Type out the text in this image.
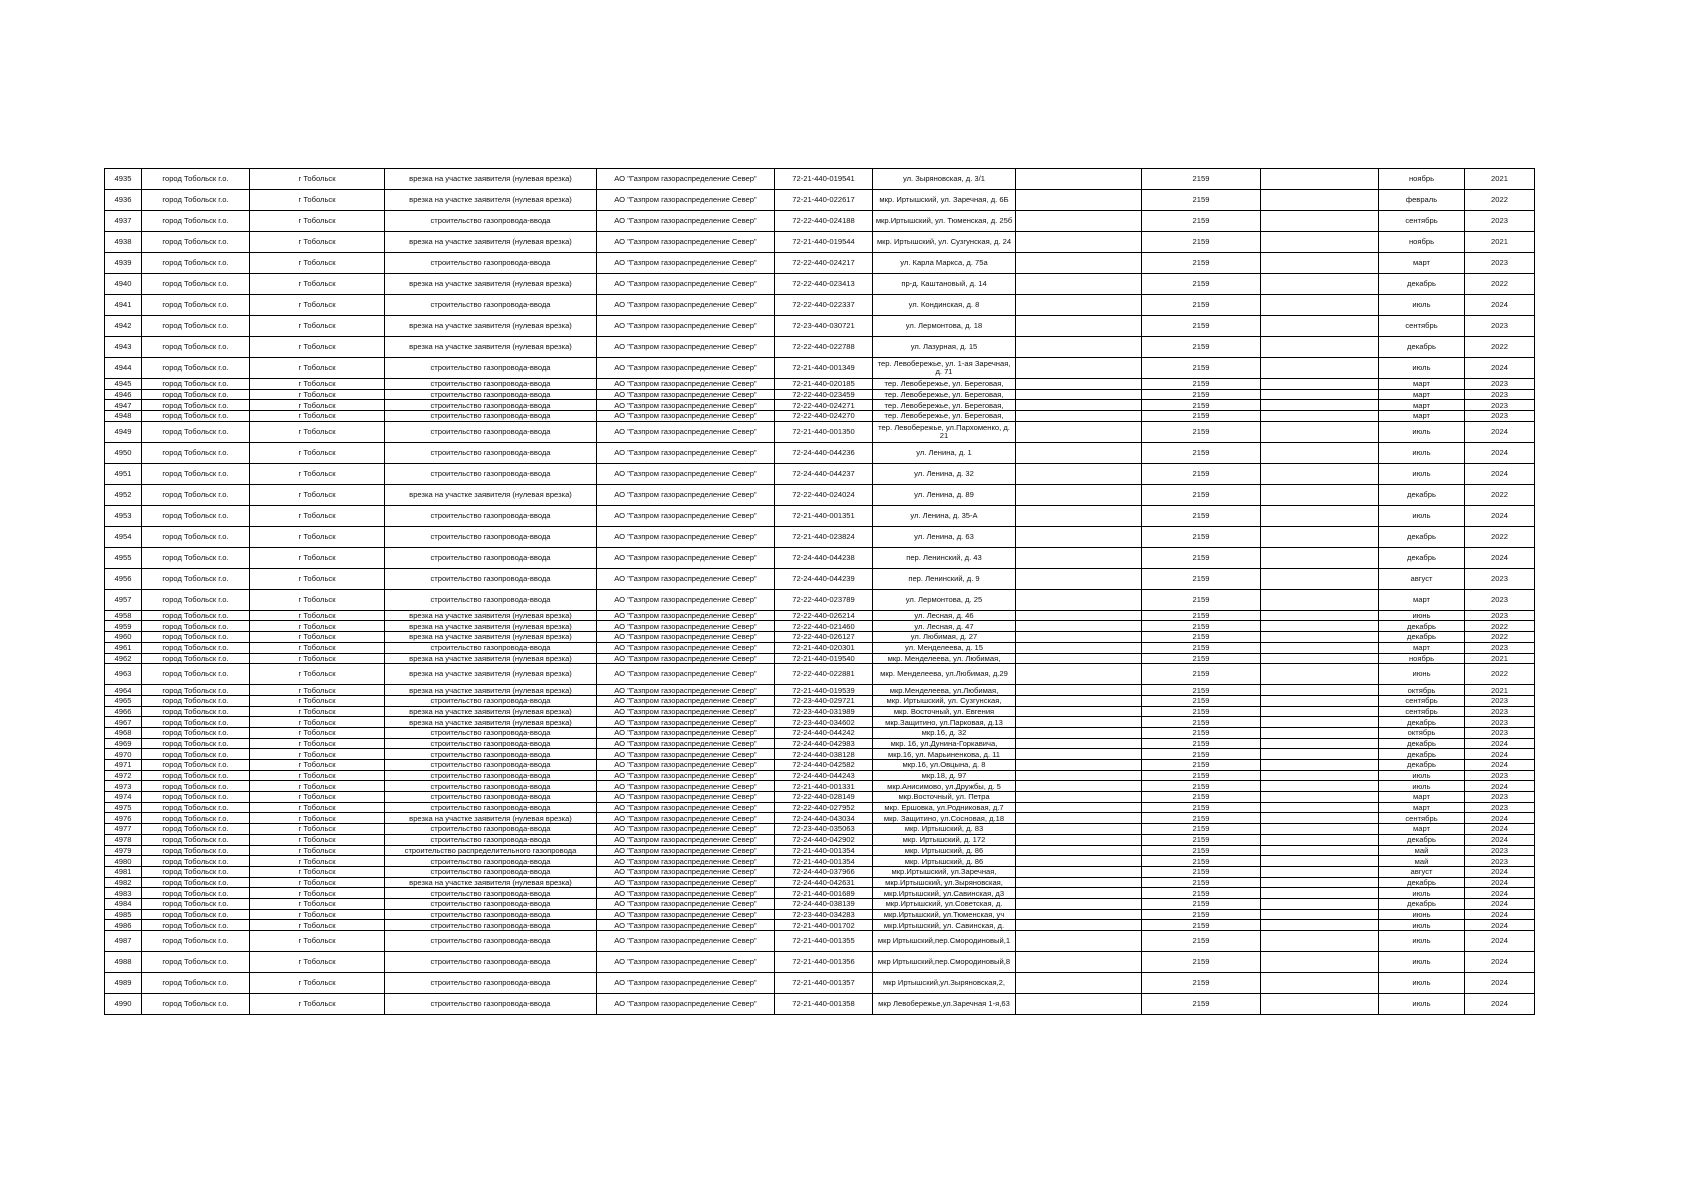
4935	город Тобольск г.о.	г Тобольск	врезка на участке заявителя (нулевая врезка)	АО "Газпром газораспределение Север"	72-21-440-019541	ул. Зыряновская, д. 3/1		2159		ноябрь	2021
4936	город Тобольск г.о.	г Тобольск	врезка на участке заявителя (нулевая врезка)	АО "Газпром газораспределение Север"	72-21-440-022617	мкр. Иртышский, ул. Заречная, д. 6Б		2159		февраль	2022
4937	город Тобольск г.о.	г Тобольск	строительство газопровода-ввода	АО "Газпром газораспределение Север"	72-22-440-024188	мкр.Иртышский, ул. Тюменская, д. 25б		2159		сентябрь	2023
4938	город Тобольск г.о.	г Тобольск	врезка на участке заявителя (нулевая врезка)	АО "Газпром газораспределение Север"	72-21-440-019544	мкр. Иртышский, ул. Сузгунская, д. 24		2159		ноябрь	2021
4939	город Тобольск г.о.	г Тобольск	строительство газопровода-ввода	АО "Газпром газораспределение Север"	72-22-440-024217	ул. Карла Маркса, д. 75а		2159		март	2023
4940	город Тобольск г.о.	г Тобольск	врезка на участке заявителя (нулевая врезка)	АО "Газпром газораспределение Север"	72-22-440-023413	пр-д. Каштановый, д. 14		2159		декабрь	2022
4941	город Тобольск г.о.	г Тобольск	строительство газопровода-ввода	АО "Газпром газораспределение Север"	72-22-440-022337	ул. Кондинская, д. 8		2159		июль	2024
4942	город Тобольск г.о.	г Тобольск	врезка на участке заявителя (нулевая врезка)	АО "Газпром газораспределение Север"	72-23-440-030721	ул. Лермонтова, д. 18		2159		сентябрь	2023
4943	город Тобольск г.о.	г Тобольск	врезка на участке заявителя (нулевая врезка)	АО "Газпром газораспределение Север"	72-22-440-022788	ул. Лазурная, д. 15		2159		декабрь	2022
4944	город Тобольск г.о.	г Тобольск	строительство газопровода-ввода	АО "Газпром газораспределение Север"	72-21-440-001349	тер. Левобережье, ул. 1-ая Заречная, д. 71		2159		июль	2024
4945	город Тобольск г.о.	г Тобольск	строительство газопровода-ввода	АО "Газпром газораспределение Север"	72-21-440-020185	тер. Левобережье, ул. Береговая,		2159		март	2023
4946	город Тобольск г.о.	г Тобольск	строительство газопровода-ввода	АО "Газпром газораспределение Север"	72-22-440-023459	тер. Левобережье, ул. Береговая,		2159		март	2023
4947	город Тобольск г.о.	г Тобольск	строительство газопровода-ввода	АО "Газпром газораспределение Север"	72-22-440-024271	тер. Левобережье, ул. Береговая,		2159		март	2023
4948	город Тобольск г.о.	г Тобольск	строительство газопровода-ввода	АО "Газпром газораспределение Север"	72-22-440-024270	тер. Левобережье, ул. Береговая,		2159		март	2023
4949	город Тобольск г.о.	г Тобольск	строительство газопровода-ввода	АО "Газпром газораспределение Север"	72-21-440-001350	тер. Левобережье, ул.Пархоменко, д. 21		2159		июль	2024
4950	город Тобольск г.о.	г Тобольск	строительство газопровода-ввода	АО "Газпром газораспределение Север"	72-24-440-044236	ул. Ленина, д. 1		2159		июль	2024
4951	город Тобольск г.о.	г Тобольск	строительство газопровода-ввода	АО "Газпром газораспределение Север"	72-24-440-044237	ул. Ленина, д. 32		2159		июль	2024
4952	город Тобольск г.о.	г Тобольск	врезка на участке заявителя (нулевая врезка)	АО "Газпром газораспределение Север"	72-22-440-024024	ул. Ленина, д. 89		2159		декабрь	2022
4953	город Тобольск г.о.	г Тобольск	строительство газопровода-ввода	АО "Газпром газораспределение Север"	72-21-440-001351	ул. Ленина, д. 35-А		2159		июль	2024
4954	город Тобольск г.о.	г Тобольск	строительство газопровода-ввода	АО "Газпром газораспределение Север"	72-21-440-023824	ул. Ленина, д. 63		2159		декабрь	2022
4955	город Тобольск г.о.	г Тобольск	строительство газопровода-ввода	АО "Газпром газораспределение Север"	72-24-440-044238	пер. Ленинский, д. 43		2159		декабрь	2024
4956	город Тобольск г.о.	г Тобольск	строительство газопровода-ввода	АО "Газпром газораспределение Север"	72-24-440-044239	пер. Ленинский, д. 9		2159		август	2023
4957	город Тобольск г.о.	г Тобольск	строительство газопровода-ввода	АО "Газпром газораспределение Север"	72-22-440-023789	ул. Лермонтова, д. 25		2159		март	2023
4958	город Тобольск г.о.	г Тобольск	врезка на участке заявителя (нулевая врезка)	АО "Газпром газораспределение Север"	72-22-440-026214	ул. Лесная, д. 46		2159		июнь	2023
4959	город Тобольск г.о.	г Тобольск	врезка на участке заявителя (нулевая врезка)	АО "Газпром газораспределение Север"	72-22-440-021460	ул. Лесная, д. 47		2159		декабрь	2022
4960	город Тобольск г.о.	г Тобольск	врезка на участке заявителя (нулевая врезка)	АО "Газпром газораспределение Север"	72-22-440-026127	ул. Любимая, д. 27		2159		декабрь	2022
4961	город Тобольск г.о.	г Тобольск	строительство газопровода-ввода	АО "Газпром газораспределение Север"	72-21-440-020301	ул. Менделеева, д. 15		2159		март	2023
4962	город Тобольск г.о.	г Тобольск	врезка на участке заявителя (нулевая врезка)	АО "Газпром газораспределение Север"	72-21-440-019540	мкр. Менделеева, ул. Любимая,		2159		ноябрь	2021
4963	город Тобольск г.о.	г Тобольск	врезка на участке заявителя (нулевая врезка)	АО "Газпром газораспределение Север"	72-22-440-022881	мкр. Менделеева, ул.Любимая, д.29		2159		июнь	2022
4964	город Тобольск г.о.	г Тобольск	врезка на участке заявителя (нулевая врезка)	АО "Газпром газораспределение Север"	72-21-440-019539	мкр.Менделеева, ул.Любимая,		2159		октябрь	2021
4965	город Тобольск г.о.	г Тобольск	строительство газопровода-ввода	АО "Газпром газораспределение Север"	72-23-440-029721	мкр. Иртышский, ул. Сузгунская,		2159		сентябрь	2023
4966	город Тобольск г.о.	г Тобольск	врезка на участке заявителя (нулевая врезка)	АО "Газпром газораспределение Север"	72-23-440-031989	мкр. Восточный, ул. Евгения		2159		сентябрь	2023
4967	город Тобольск г.о.	г Тобольск	врезка на участке заявителя (нулевая врезка)	АО "Газпром газораспределение Север"	72-23-440-034602	мкр.Защитино, ул.Парковая, д.13		2159		декабрь	2023
4968	город Тобольск г.о.	г Тобольск	строительство газопровода-ввода	АО "Газпром газораспределение Север"	72-24-440-044242	мкр.16, д. 32		2159		октябрь	2023
4969	город Тобольск г.о.	г Тобольск	строительство газопровода-ввода	АО "Газпром газораспределение Север"	72-24-440-042983	мкр. 16, ул.Дунина-Горкавича,		2159		декабрь	2024
4970	город Тобольск г.о.	г Тобольск	строительство газопровода-ввода	АО "Газпром газораспределение Север"	72-24-440-038128	мкр.16, ул. Марьиненкова, д. 11		2159		декабрь	2024
4971	город Тобольск г.о.	г Тобольск	строительство газопровода-ввода	АО "Газпром газораспределение Север"	72-24-440-042582	мкр.16, ул.Овцына, д. 8		2159		декабрь	2024
4972	город Тобольск г.о.	г Тобольск	строительство газопровода-ввода	АО "Газпром газораспределение Север"	72-24-440-044243	мкр.18, д. 97		2159		июль	2023
4973	город Тобольск г.о.	г Тобольск	строительство газопровода-ввода	АО "Газпром газораспределение Север"	72-21-440-001331	мкр.Анисимово, ул.Дружбы, д. 5		2159		июль	2024
4974	город Тобольск г.о.	г Тобольск	строительство газопровода-ввода	АО "Газпром газораспределение Север"	72-22-440-028149	мкр.Восточный, ул. Петра		2159		март	2023
4975	город Тобольск г.о.	г Тобольск	строительство газопровода-ввода	АО "Газпром газораспределение Север"	72-22-440-027952	мкр. Ершовка, ул.Родниковая, д.7		2159		март	2023
4976	город Тобольск г.о.	г Тобольск	врезка на участке заявителя (нулевая врезка)	АО "Газпром газораспределение Север"	72-24-440-043034	мкр. Защитино, ул.Сосновая, д.18		2159		сентябрь	2024
4977	город Тобольск г.о.	г Тобольск	строительство газопровода-ввода	АО "Газпром газораспределение Север"	72-23-440-035063	мкр. Иртышский, д. 83		2159		март	2024
4978	город Тобольск г.о.	г Тобольск	строительство газопровода-ввода	АО "Газпром газораспределение Север"	72-24-440-042902	мкр. Иртышский, д. 172		2159		декабрь	2024
4979	город Тобольск г.о.	г Тобольск	строительство распределительного газопровода	АО "Газпром газораспределение Север"	72-21-440-001354	мкр. Иртышский, д. 86		2159		май	2023
4980	город Тобольск г.о.	г Тобольск	строительство газопровода-ввода	АО "Газпром газораспределение Север"	72-21-440-001354	мкр. Иртышский, д. 86		2159		май	2023
4981	город Тобольск г.о.	г Тобольск	строительство газопровода-ввода	АО "Газпром газораспределение Север"	72-24-440-037966	мкр.Иртышский, ул.Заречная,		2159		август	2024
4982	город Тобольск г.о.	г Тобольск	врезка на участке заявителя (нулевая врезка)	АО "Газпром газораспределение Север"	72-24-440-042631	мкр.Иртышский, ул.Зыряновская,		2159		декабрь	2024
4983	город Тобольск г.о.	г Тобольск	строительство газопровода-ввода	АО "Газпром газораспределение Север"	72-21-440-001689	мкр.Иртышский, ул.Савинская, д3		2159		июль	2024
4984	город Тобольск г.о.	г Тобольск	строительство газопровода-ввода	АО "Газпром газораспределение Север"	72-24-440-038139	мкр.Иртышский, ул.Советская, д.		2159		декабрь	2024
4985	город Тобольск г.о.	г Тобольск	строительство газопровода-ввода	АО "Газпром газораспределение Север"	72-23-440-034283	мкр.Иртышский, ул.Тюменская, уч		2159		июнь	2024
4986	город Тобольск г.о.	г Тобольск	строительство газопровода-ввода	АО "Газпром газораспределение Север"	72-21-440-001702	мкр.Иртышский, ул. Савинская, д.		2159		июль	2024
4987	город Тобольск г.о.	г Тобольск	строительство газопровода-ввода	АО "Газпром газораспределение Север"	72-21-440-001355	мкр Иртышский,пер.Смородиновый,1		2159		июль	2024
4988	город Тобольск г.о.	г Тобольск	строительство газопровода-ввода	АО "Газпром газораспределение Север"	72-21-440-001356	мкр Иртышский,пер.Смородиновый,8		2159		июль	2024
4989	город Тобольск г.о.	г Тобольск	строительство газопровода-ввода	АО "Газпром газораспределение Север"	72-21-440-001357	мкр Иртышский,ул.Зыряновская,2,		2159		июль	2024
4990	город Тобольск г.о.	г Тобольск	строительство газопровода-ввода	АО "Газпром газораспределение Север"	72-21-440-001358	мкр Левобережье,ул.Заречная 1-я,63		2159		июль	2024
